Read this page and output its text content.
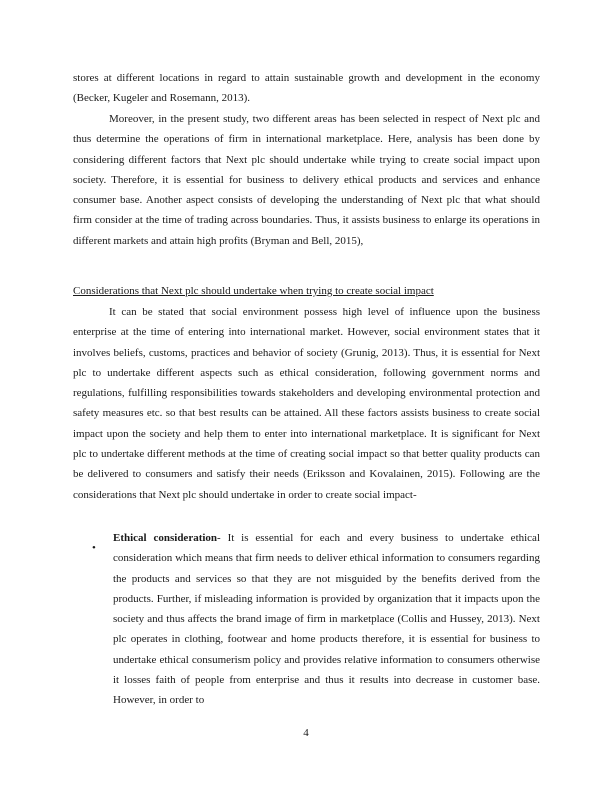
stores at different locations in regard to attain sustainable growth and development in the economy (Becker, Kugeler and Rosemann, 2013).

Moreover, in the present study, two different areas has been selected in respect of Next plc and thus determine the operations of firm in international marketplace. Here, analysis has been done by considering different factors that Next plc should undertake while trying to create social impact upon society. Therefore, it is essential for business to delivery ethical products and services and enhance consumer base. Another aspect consists of developing the understanding of Next plc that what should firm consider at the time of trading across boundaries. Thus, it assists business to enlarge its operations in different markets and attain high profits (Bryman and Bell, 2015),

Considerations that Next plc should undertake when trying to create social impact

It can be stated that social environment possess high level of influence upon the business enterprise at the time of entering into international market. However, social environment states that it involves beliefs, customs, practices and behavior of society (Grunig, 2013). Thus, it is essential for Next plc to undertake different aspects such as ethical consideration, following government norms and regulations, fulfilling responsibilities towards stakeholders and developing environmental protection and safety measures etc. so that best results can be attained. All these factors assists business to create social impact upon the society and help them to enter into international marketplace. It is significant for Next plc to undertake different methods at the time of creating social impact so that better quality products can be delivered to consumers and satisfy their needs (Eriksson and Kovalainen, 2015). Following are the considerations that Next plc should undertake in order to create social impact-

•

Ethical consideration- It is essential for each and every business to undertake ethical consideration which means that firm needs to deliver ethical information to consumers regarding the products and services so that they are not misguided by the benefits derived from the products. Further, if misleading information is provided by organization that it impacts upon the society and thus affects the brand image of firm in marketplace (Collis and Hussey, 2013). Next plc operates in clothing, footwear and home products therefore, it is essential for business to undertake ethical consumerism policy and provides relative information to consumers otherwise it losses faith of people from enterprise and thus it results into decrease in customer base. However, in order to

4
